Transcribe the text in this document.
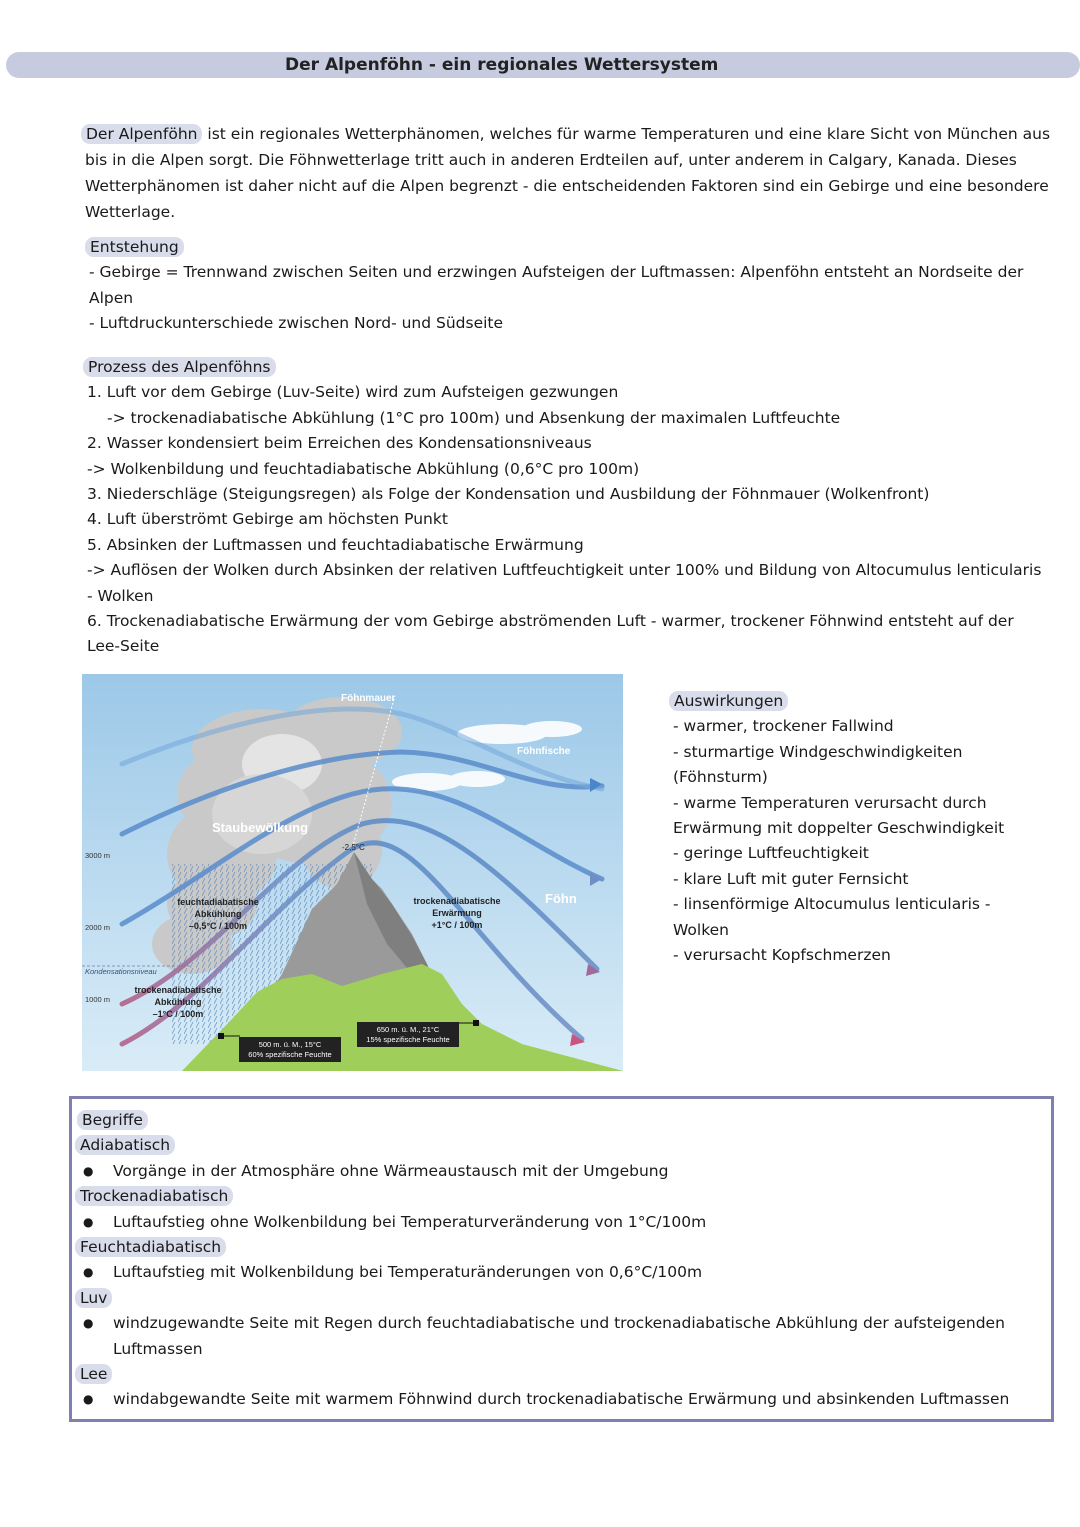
Der Alpenföhn - ein regionales Wettersystem

Der Alpenföhn ist ein regionales Wetterphänomen, welches für warme Temperaturen und eine klare Sicht von München aus bis in die Alpen sorgt. Die Föhnwetterlage tritt auch in anderen Erdteilen auf, unter anderem in Calgary, Kanada. Dieses Wetterphänomen ist daher nicht auf die Alpen begrenzt - die entscheidenden Faktoren sind ein Gebirge und eine besondere Wetterlage.

Entstehung
- Gebirge = Trennwand zwischen Seiten und erzwingen Aufsteigen der Luftmassen: Alpenföhn entsteht an Nordseite der Alpen
- Luftdruckunterschiede zwischen Nord- und Südseite
Prozess des Alpenföhns
1. Luft vor dem Gebirge (Luv-Seite) wird zum Aufsteigen gezwungen
-> trockenadiabatische Abkühlung (1°C pro 100m) und Absenkung der maximalen Luftfeuchte
2. Wasser kondensiert beim Erreichen des Kondensationsniveaus
-> Wolkenbildung und feuchtadiabatische Abkühlung (0,6°C pro 100m)
3. Niederschläge (Steigungsregen) als Folge der Kondensation und Ausbildung der Föhnmauer (Wolkenfront)
4. Luft überströmt Gebirge am höchsten Punkt
5. Absinken der Luftmassen und feuchtadiabatische Erwärmung
-> Auflösen der Wolken durch Absinken der relativen Luftfeuchtigkeit unter 100% und Bildung von Altocumulus lenticularis - Wolken
6. Trockenadiabatische Erwärmung der vom Gebirge abströmenden Luft - warmer, trockener Föhnwind entsteht auf der Lee-Seite
Föhnmauer
Föhnfische
Staubewölkung
Föhn
-2,5°C
3000 m
2000 m
1000 m
Kondensationsniveau
feuchtadiabatische
Abkühlung
–0,5°C / 100m
trockenadiabatische
Erwärmung
+1°C / 100m
trockenadiabatische
Abkühlung
–1°C / 100m
500 m. ü. M., 15°C
60% spezifische Feuchte
650 m. ü. M., 21°C
15% spezifische Feuchte
Auswirkungen
- warmer, trockener Fallwind
- sturmartige Windgeschwindigkeiten
(Föhnsturm)
- warme Temperaturen verursacht durch
Erwärmung mit doppelter Geschwindigkeit
- geringe Luftfeuchtigkeit
- klare Luft mit guter Fernsicht
- linsenförmige Altocumulus lenticularis -
Wolken
- verursacht Kopfschmerzen
Begriffe
Adiabatisch
●	Vorgänge in der Atmosphäre ohne Wärmeaustausch mit der Umgebung
Trockenadiabatisch
●	Luftaufstieg ohne Wolkenbildung bei Temperaturveränderung von 1°C/100m
Feuchtadiabatisch
●	Luftaufstieg mit Wolkenbildung bei Temperaturänderungen von 0,6°C/100m
Luv
●	windzugewandte Seite mit Regen durch feuchtadiabatische und trockenadiabatische Abkühlung der aufsteigenden Luftmassen
Lee
●	windabgewandte Seite mit warmem Föhnwind durch trockenadiabatische Erwärmung und absinkenden Luftmassen
